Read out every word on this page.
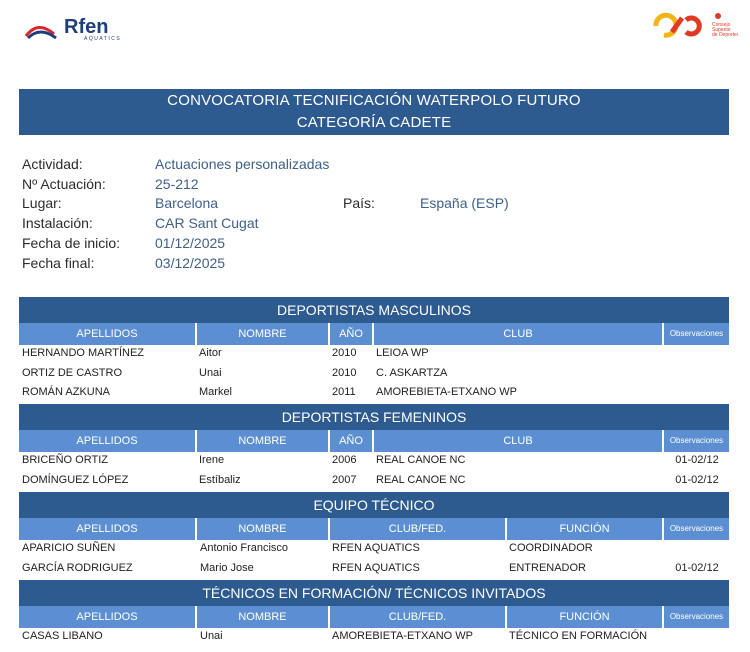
Rfen
AQUATICS
Consejo
Superior
de Deportes
CONVOCATORIA TECNIFICACIÓN WATERPOLO FUTURO
CATEGORÍA CADETE
Actividad:	Actuaciones personalizadas
Nº Actuación:	25-212
Lugar:	Barcelona	País:	España (ESP)
Instalación:	CAR Sant Cugat
Fecha de inicio: 01/12/2025
Fecha final:	03/12/2025
DEPORTISTAS MASCULINOS
APELLIDOS	NOMBRE	AÑO	CLUB	Observaciones
HERNANDO MARTÍNEZ	Aitor	2010 LEIOA WP
ORTIZ DE CASTRO	Unai	2010 C. ASKARTZA
ROMÁN AZKUNA	Markel	2011 AMOREBIETA-ETXANO WP
DEPORTISTAS FEMENINOS
APELLIDOS	NOMBRE	AÑO	CLUB	Observaciones
BRICEÑO ORTIZ	Irene	2006 REAL CANOE NC	01-02/12
DOMÍNGUEZ LÓPEZ	Estíbaliz	2007 REAL CANOE NC	01-02/12
EQUIPO TÉCNICO
APELLIDOS	NOMBRE	CLUB/FED.	FUNCIÓN	Observaciones
APARICIO SUÑEN	Antonio Francisco	RFEN AQUATICS	COORDINADOR
GARCÍA RODRIGUEZ	Mario Jose	RFEN AQUATICS	ENTRENADOR	01-02/12
TÉCNICOS EN FORMACIÓN/ TÉCNICOS INVITADOS
APELLIDOS	NOMBRE	CLUB/FED.	FUNCIÓN	Observaciones
CASAS LIBANO	Unai	AMOREBIETA-ETXANO WP	TÉCNICO EN FORMACIÓN
